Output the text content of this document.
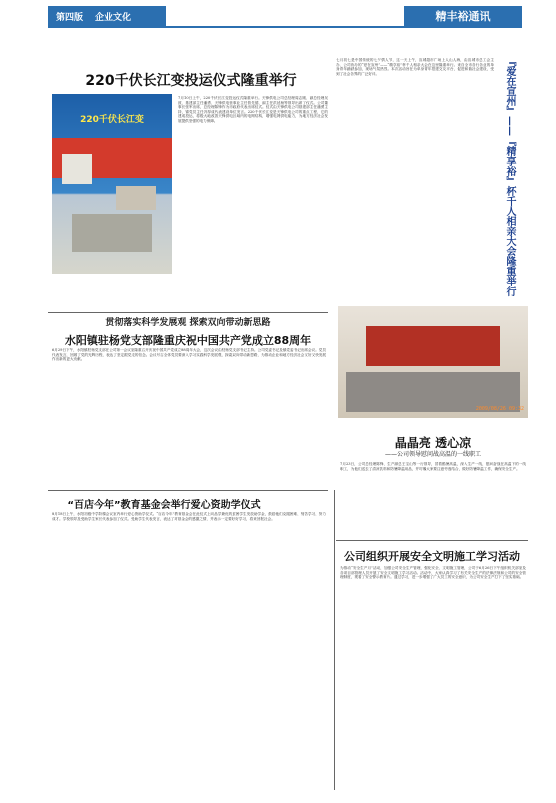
第四版 企业文化	精丰裕通讯
220千伏长江变投运仪式隆重举行
220千伏长江变
7月10日上午，220千伏长江变投运仪式隆重举行。天锋供电公司总经理周志刚、副总经理吴波、基建部主任潘勇、天锋供电营事业主任曾先德、副主任洪延杨等领导出席了仪式。公司董事长张军出席，总经理陈锋作为市政府代表出席仪式。仪式由天锋供电公司基建部主任潘勇主持，锦党员主任冯厚成代表建设单位发言。220千伏长江变是天锋供电公司的重点工程，它的建成投运，将极大地改善天锋供电区域内的电网结构，增强电网供电能力，为地方经济社会发展提供坚强的电力保障。
贯彻落实科学发展观 探索双向带动新思路
水阳镇驻杨党支部隆重庆祝中国共产党成立88周年
6月29日下午，水阳镇驻杨党支部在公司第一会议室隆重召开庆祝中国共产党成立88周年大会，这次会议由驻杨党支部书记主持。公司党委书记及镇党委书记出席会议。党员代表发言，回顾了党的光辉历程，表达了坚定跟党走的信念。会议号召全体党员要深入学习实践科学发展观，探索双向带动新思路，为推动企业和地方经济社会又好又快发展作出新的更大贡献。
“百店今年”教育基金会举行爱心资助学仪式
8月18日上午，水阳初级中学阶梯会议室内举行爱心资助学仪式。“百店今年”教育基金会在此仪式上向品学兼优的贫困学生发放助学金，鼓励他们克服困难、刻苦学习、努力成才。学校领导及受助学生家长代表参加了仪式。受助学生代表发言，表达了对基金会的感激之情，并表示一定要好好学习，将来回报社会。
七月初七是中国传统的七夕情人节，这一天上午，宣城超市广场上人山人海，由宣城市总工会主办、公司协办的“爱在宣州”——“精享裕”杯千人相亲大会在这里隆重举行。来自全市各行各业的单身青年踊跃参加，现场气氛热烈。本次活动旨在为单身青年搭建交友平台，促进和谐社会建设，受到了社会各界的广泛好评。	『爱在宣州』——『精享裕』杯千人相亲大会隆重举行
2009/08/26 09:32
晶晶亮 透心凉
——公司领导慰问战高温的一线职工
7月23日，公司总经理陈锋、生产副总王宝山等一行领导，冒着酷暑高温，深入生产一线，慰问奋战在高温下的一线职工，为他们送去了清凉饮料和防暑降温用品，并叮嘱大家要注意劳逸结合，做好防暑降温工作，确保安全生产。
公司组织开展安全文明施工学习活动
为推动“安全生产月”活动，加强公司安全生产管理，强化安全、文明施工管理，公司于6月26日下午组织机关部室及各项目部管理人员开展了安全文明施工学习活动。活动中，大家认真学习了有关安全生产的法律法规和公司的安全管理制度，观看了安全警示教育片。通过学习，进一步增强了广大员工的安全意识，为公司安全生产打下了坚实基础。
